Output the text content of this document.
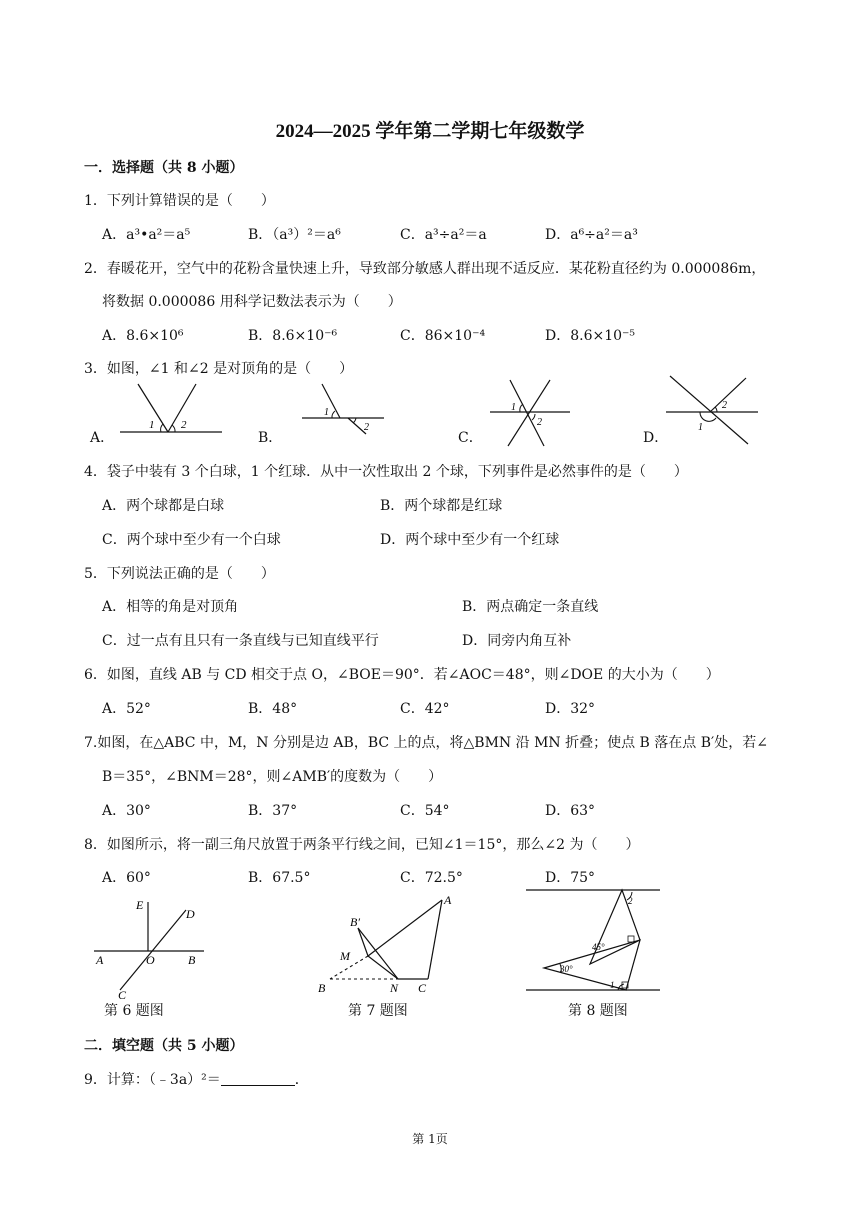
2024—2025 学年第二学期七年级数学
一．选择题（共 8 小题）
1．下列计算错误的是（　　）
A．a³•a²＝a⁵	B．（a³）²＝a⁶	C．a³÷a²＝a	D．a⁶÷a²＝a³
2．春暖花开，空气中的花粉含量快速上升，导致部分敏感人群出现不适反应．某花粉直径约为 0.000086m，
将数据 0.000086 用科学记数法表示为（　　）
A．8.6×10⁶	B．8.6×10⁻⁶	C．86×10⁻⁴	D．8.6×10⁻⁵
3．如图，∠1 和∠2 是对顶角的是（　　）
A．	B．	C．	D．
1 2
1
2
1
2	1
2
4．袋子中装有 3 个白球，1 个红球．从中一次性取出 2 个球，下列事件是必然事件的是（　　）
A．两个球都是白球	B．两个球都是红球
C．两个球中至少有一个白球	D．两个球中至少有一个红球
5．下列说法正确的是（　　）
A．相等的角是对顶角	B．两点确定一条直线
C．过一点有且只有一条直线与已知直线平行	D．同旁内角互补
6．如图，直线 AB 与 CD 相交于点 O，∠BOE＝90°．若∠AOC＝48°，则∠DOE 的大小为（　　）
A．52°	B．48°	C．42°	D．32°
7.如图，在△ABC 中，M，N 分别是边 AB，BC 上的点，将△BMN 沿 MN 折叠；使点 B 落在点 B′处，若∠
B＝35°，∠BNM＝28°，则∠AMB′的度数为（　　）
A．30°	B．37°	C．54°	D．63°
8．如图所示，将一副三角尺放置于两条平行线之间，已知∠1＝15°，那么∠2 为（　　）
A．60°	B．67.5°	C．72.5°	D．75°
E
D
A	O	B
C
第 6 题图
A
B′
M
B	N C
第 7 题图
45°
30°
1
2
第 8 题图
二．填空题（共 5 小题）
9．计算：（﹣3a）²＝	．
第 1页
